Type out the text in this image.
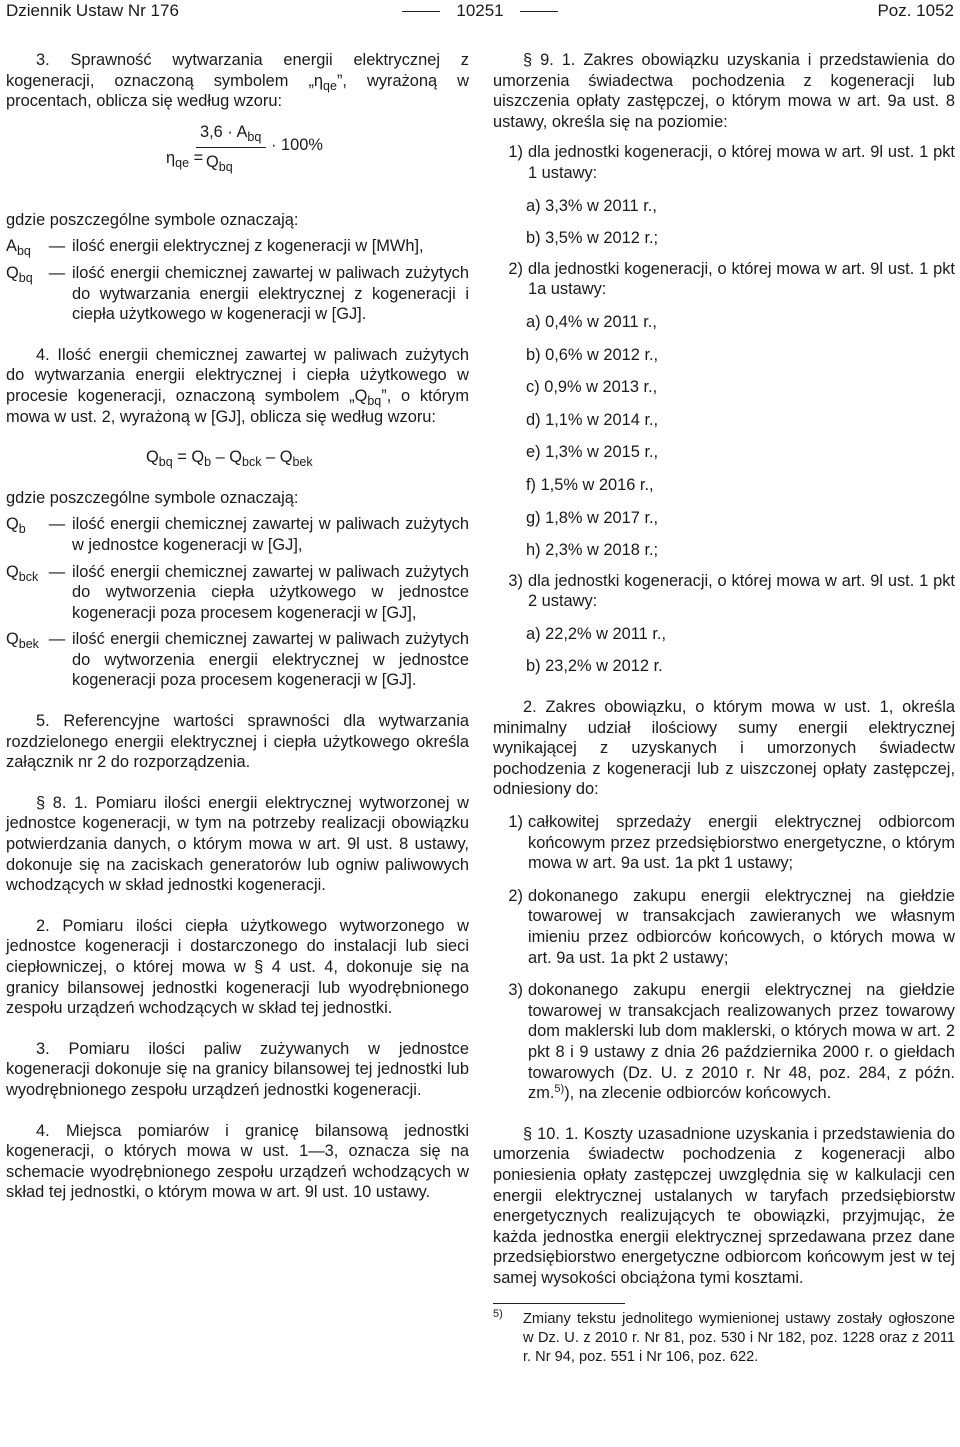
Dziennik Ustaw Nr 176	10251	Poz. 1052

3. Sprawność wytwarzania energii elektrycznej z kogeneracji, oznaczoną symbolem $„\eta_{qe}$”, wyrażoną w procentach, oblicza się według wzoru:

$\eta_{qe}$ =
$3,6 \cdot A_{bq}$
$Q_{bq}$
· 100%

gdzie poszczególne symbole oznaczają:

$A_{bq}$	— ilość energii elektrycznej z kogeneracji w [MWh],
$Q_{bq}$ — ilość energii chemicznej zawartej w paliwach zużytych do wytwarzania energii elektrycznej z kogeneracji i ciepła użytkowego w kogeneracji w [GJ].

4. Ilość energii chemicznej zawartej w paliwach zużytych do wytwarzania energii elektrycznej i ciepła użytkowego w procesie kogeneracji, oznaczoną symbolem $„Q_{bq}$”, o którym mowa w ust. 2, wyrażoną w [GJ], oblicza się według wzoru:

$Q_{bq} = Q_b - Q_{bck} - Q_{bek}$

gdzie poszczególne symbole oznaczają:

$Q_b$	— ilość energii chemicznej zawartej w paliwach zużytych w jednostce kogeneracji w [GJ],
$Q_{bck}$ — ilość energii chemicznej zawartej w paliwach zużytych do wytworzenia ciepła użytkowego w jednostce kogeneracji poza procesem kogeneracji w [GJ],
$Q_{bek}$ — ilość energii chemicznej zawartej w paliwach zużytych do wytworzenia energii elektrycznej w jednostce kogeneracji poza procesem kogeneracji w [GJ].

5. Referencyjne wartości sprawności dla wytwarzania rozdzielonego energii elektrycznej i ciepła użytkowego określa załącznik nr 2 do rozporządzenia.

§ 8. 1. Pomiaru ilości energii elektrycznej wytworzonej w jednostce kogeneracji, w tym na potrzeby realizacji obowiązku potwierdzania danych, o którym mowa w art. 9l ust. 8 ustawy, dokonuje się na zaciskach generatorów lub ogniw paliwowych wchodzących w skład jednostki kogeneracji.

2. Pomiaru ilości ciepła użytkowego wytworzonego w jednostce kogeneracji i dostarczonego do instalacji lub sieci ciepłowniczej, o której mowa w § 4 ust. 4, dokonuje się na granicy bilansowej jednostki kogeneracji lub wyodrębnionego zespołu urządzeń wchodzących w skład tej jednostki.

3. Pomiaru ilości paliw zużywanych w jednostce kogeneracji dokonuje się na granicy bilansowej tej jednostki lub wyodrębnionego zespołu urządzeń jednostki kogeneracji.

4. Miejsca pomiarów i granicę bilansową jednostki kogeneracji, o których mowa w ust. 1—3, oznacza się na schemacie wyodrębnionego zespołu urządzeń wchodzących w skład tej jednostki, o którym mowa w art. 9l ust. 10 ustawy.

§ 9. 1. Zakres obowiązku uzyskania i przedstawienia do umorzenia świadectwa pochodzenia z kogeneracji lub uiszczenia opłaty zastępczej, o którym mowa w art. 9a ust. 8 ustawy, określa się na poziomie:

1) dla jednostki kogeneracji, o której mowa w art. 9l ust. 1 pkt 1 ustawy:
a) 3,3% w 2011 r.,
b) 3,5% w 2012 r.;
2) dla jednostki kogeneracji, o której mowa w art. 9l ust. 1 pkt 1a ustawy:
a) 0,4% w 2011 r.,
b) 0,6% w 2012 r.,
c) 0,9% w 2013 r.,
d) 1,1% w 2014 r.,
e) 1,3% w 2015 r.,
f) 1,5% w 2016 r.,
g) 1,8% w 2017 r.,
h) 2,3% w 2018 r.;
3) dla jednostki kogeneracji, o której mowa w art. 9l ust. 1 pkt 2 ustawy:
a) 22,2% w 2011 r.,
b) 23,2% w 2012 r.

2. Zakres obowiązku, o którym mowa w ust. 1, określa minimalny udział ilościowy sumy energii elektrycznej wynikającej z uzyskanych i umorzonych świadectw pochodzenia z kogeneracji lub z uiszczonej opłaty zastępczej, odniesiony do:

1) całkowitej sprzedaży energii elektrycznej odbiorcom końcowym przez przedsiębiorstwo energetyczne, o którym mowa w art. 9a ust. 1a pkt 1 ustawy;
2) dokonanego zakupu energii elektrycznej na giełdzie towarowej w transakcjach zawieranych we własnym imieniu przez odbiorców końcowych, o których mowa w art. 9a ust. 1a pkt 2 ustawy;
3) dokonanego zakupu energii elektrycznej na giełdzie towarowej w transakcjach realizowanych przez towarowy dom maklerski lub dom maklerski, o których mowa w art. 2 pkt 8 i 9 ustawy z dnia 26 października 2000 r. o giełdach towarowych (Dz. U. z 2010 r. Nr 48, poz. 284, z późn. zm.$^{5)}$), na zlecenie odbiorców końcowych.

§ 10. 1. Koszty uzasadnione uzyskania i przedstawienia do umorzenia świadectw pochodzenia z kogeneracji albo poniesienia opłaty zastępczej uwzględnia się w kalkulacji cen energii elektrycznej ustalanych w taryfach przedsiębiorstw energetycznych realizujących te obowiązki, przyjmując, że każda jednostka energii elektrycznej sprzedawana przez dane przedsiębiorstwo energetyczne odbiorcom końcowym jest w tej samej wysokości obciążona tymi kosztami.

$^{5)}$	Zmiany tekstu jednolitego wymienionej ustawy zostały ogłoszone w Dz. U. z 2010 r. Nr 81, poz. 530 i Nr 182, poz. 1228 oraz z 2011 r. Nr 94, poz. 551 i Nr 106, poz. 622.
